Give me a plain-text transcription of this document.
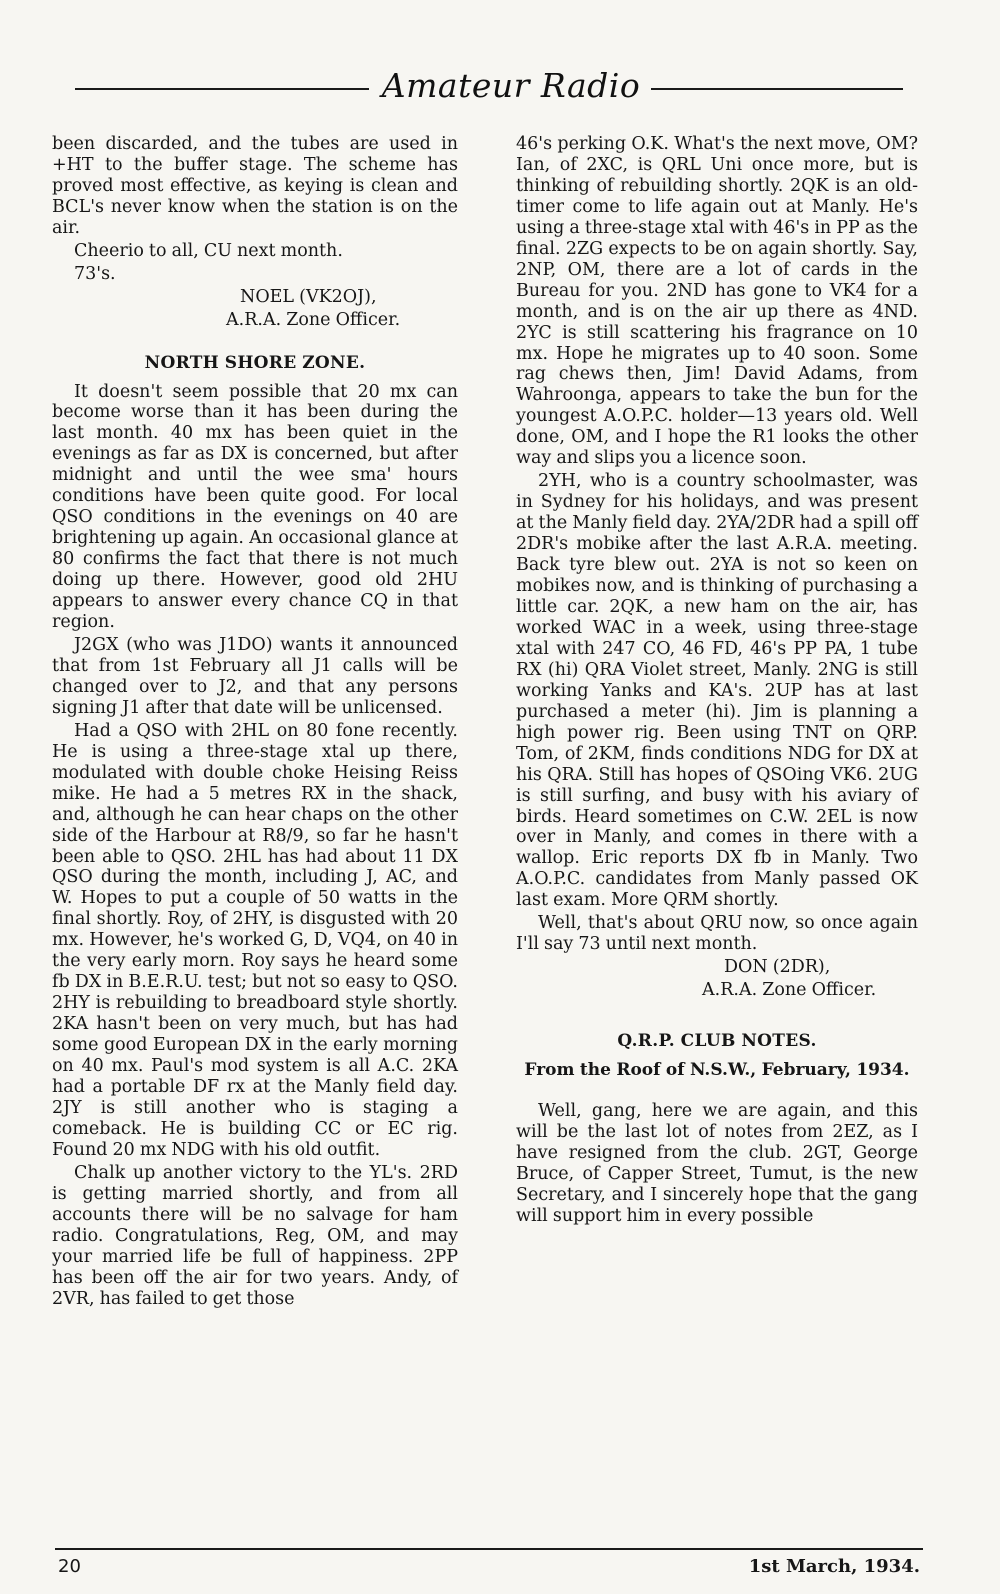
Amateur Radio

been discarded, and the tubes are used in +HT to the buffer stage. The scheme has proved most effective, as keying is clean and BCL's never know when the station is on the air.

Cheerio to all, CU next month.

73's.

NOEL (VK2OJ),

A.R.A. Zone Officer.

NORTH SHORE ZONE.

It doesn't seem possible that 20 mx can become worse than it has been during the last month. 40 mx has been quiet in the evenings as far as DX is concerned, but after midnight and until the wee sma' hours conditions have been quite good. For local QSO conditions in the evenings on 40 are brightening up again. An occasional glance at 80 confirms the fact that there is not much doing up there. However, good old 2HU appears to answer every chance CQ in that region.

J2GX (who was J1DO) wants it announced that from 1st February all J1 calls will be changed over to J2, and that any persons signing J1 after that date will be unlicensed.

Had a QSO with 2HL on 80 fone recently. He is using a three-stage xtal up there, modulated with double choke Heising Reiss mike. He had a 5 metres RX in the shack, and, although he can hear chaps on the other side of the Harbour at R8/9, so far he hasn't been able to QSO. 2HL has had about 11 DX QSO during the month, including J, AC, and W. Hopes to put a couple of 50 watts in the final shortly. Roy, of 2HY, is disgusted with 20 mx. However, he's worked G, D, VQ4, on 40 in the very early morn. Roy says he heard some fb DX in B.E.R.U. test; but not so easy to QSO. 2HY is rebuilding to breadboard style shortly. 2KA hasn't been on very much, but has had some good European DX in the early morning on 40 mx. Paul's mod system is all A.C. 2KA had a portable DF rx at the Manly field day. 2JY is still another who is staging a comeback. He is building CC or EC rig. Found 20 mx NDG with his old outfit.

Chalk up another victory to the YL's. 2RD is getting married shortly, and from all accounts there will be no salvage for ham radio. Congratulations, Reg, OM, and may your married life be full of happiness. 2PP has been off the air for two years. Andy, of 2VR, has failed to get those

46's perking O.K. What's the next move, OM? Ian, of 2XC, is QRL Uni once more, but is thinking of rebuilding shortly. 2QK is an old-timer come to life again out at Manly. He's using a three-stage xtal with 46's in PP as the final. 2ZG expects to be on again shortly. Say, 2NP, OM, there are a lot of cards in the Bureau for you. 2ND has gone to VK4 for a month, and is on the air up there as 4ND. 2YC is still scattering his fragrance on 10 mx. Hope he migrates up to 40 soon. Some rag chews then, Jim! David Adams, from Wahroonga, appears to take the bun for the youngest A.O.P.C. holder—13 years old. Well done, OM, and I hope the R1 looks the other way and slips you a licence soon.

2YH, who is a country schoolmaster, was in Sydney for his holidays, and was present at the Manly field day. 2YA/2DR had a spill off 2DR's mobike after the last A.R.A. meeting. Back tyre blew out. 2YA is not so keen on mobikes now, and is thinking of purchasing a little car. 2QK, a new ham on the air, has worked WAC in a week, using three-stage xtal with 247 CO, 46 FD, 46's PP PA, 1 tube RX (hi) QRA Violet street, Manly. 2NG is still working Yanks and KA's. 2UP has at last purchased a meter (hi). Jim is planning a high power rig. Been using TNT on QRP. Tom, of 2KM, finds conditions NDG for DX at his QRA. Still has hopes of QSOing VK6. 2UG is still surfing, and busy with his aviary of birds. Heard sometimes on C.W. 2EL is now over in Manly, and comes in there with a wallop. Eric reports DX fb in Manly. Two A.O.P.C. candidates from Manly passed OK last exam. More QRM shortly.

Well, that's about QRU now, so once again I'll say 73 until next month.

DON (2DR),

A.R.A. Zone Officer.

Q.R.P. CLUB NOTES.
From the Roof of N.S.W., February, 1934.

Well, gang, here we are again, and this will be the last lot of notes from 2EZ, as I have resigned from the club. 2GT, George Bruce, of Capper Street, Tumut, is the new Secretary, and I sincerely hope that the gang will support him in every possible

20	1st March, 1934.
